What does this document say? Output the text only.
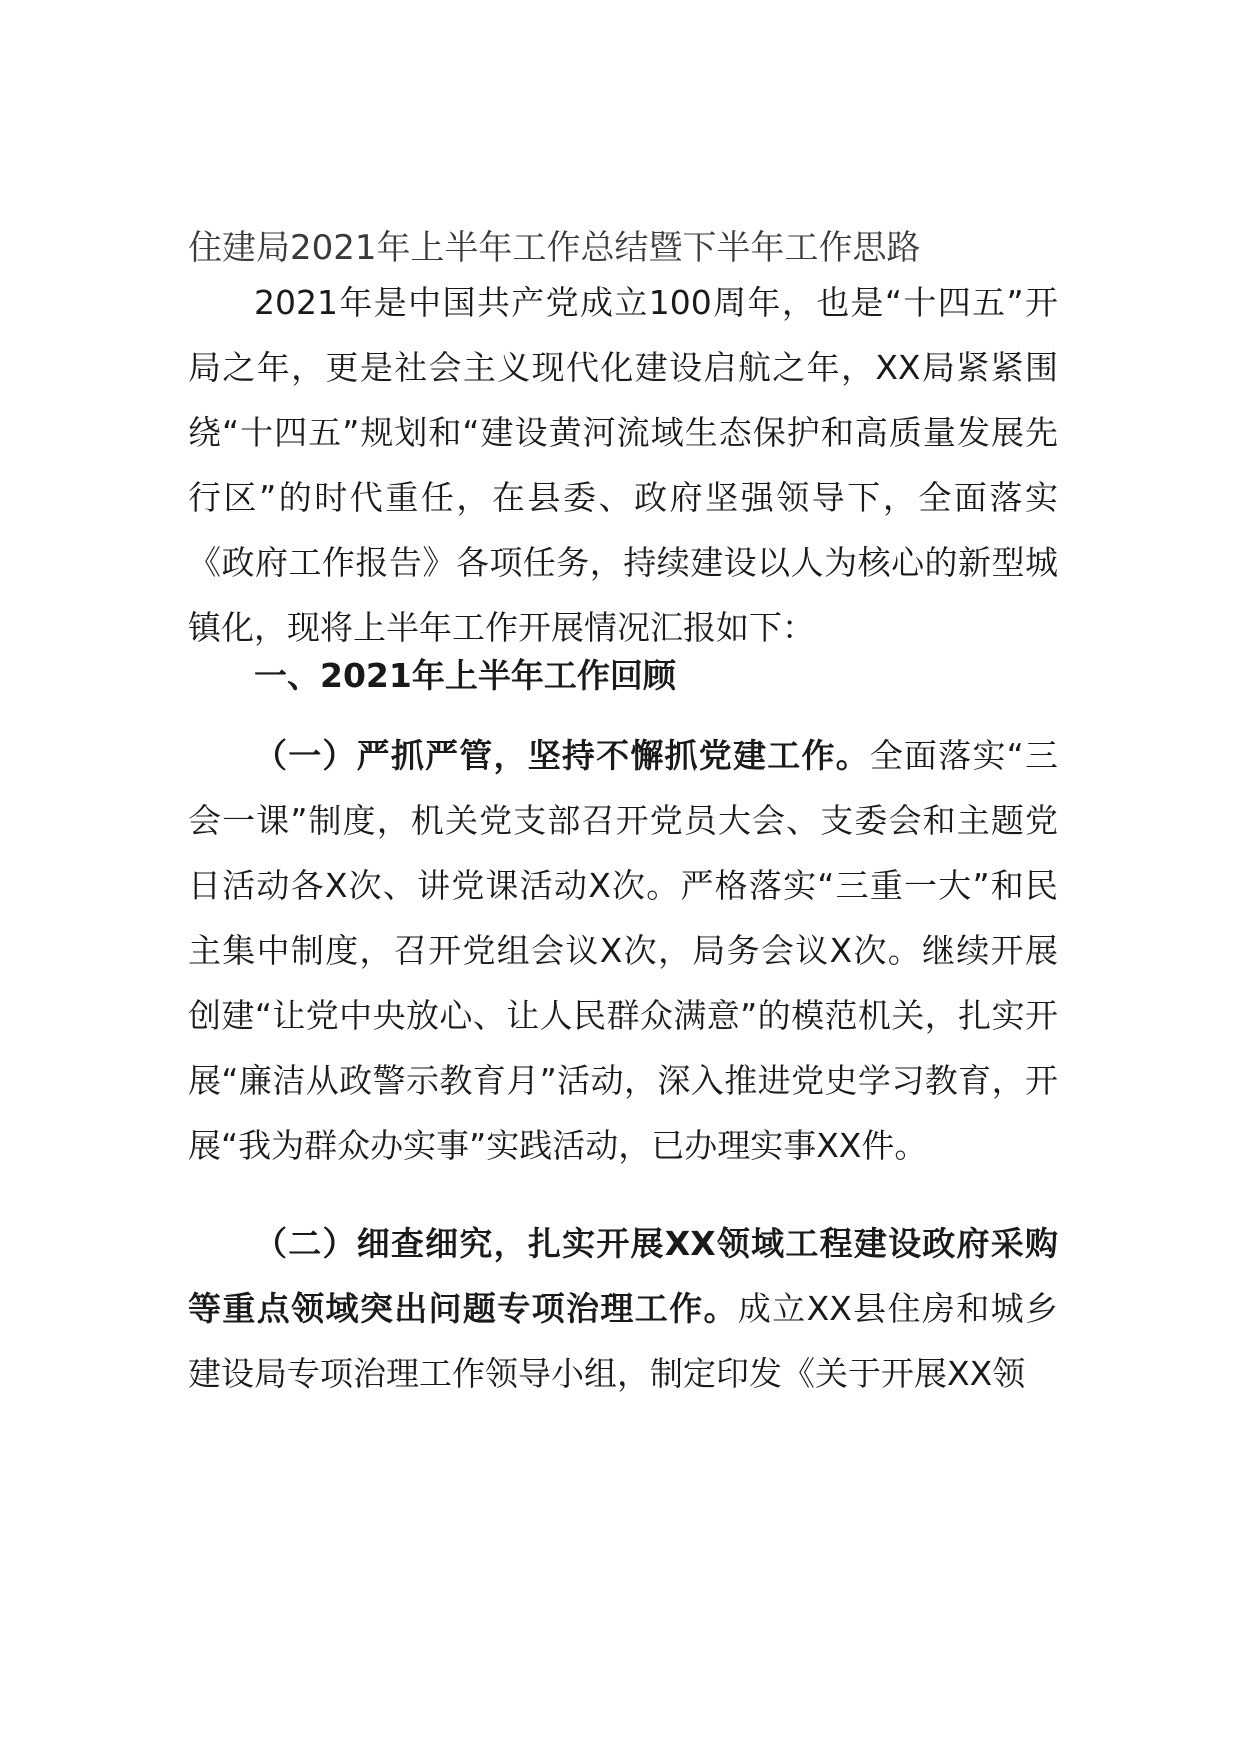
住建局2021年上半年工作总结暨下半年工作思路

2021年是中国共产党成立100周年，也是“十四五”开局之年，更是社会主义现代化建设启航之年，XX局紧紧围绕“十四五”规划和“建设黄河流域生态保护和高质量发展先行区”的时代重任，在县委、政府坚强领导下，全面落实《政府工作报告》各项任务，持续建设以人为核心的新型城镇化，现将上半年工作开展情况汇报如下：

一、2021年上半年工作回顾

（一）严抓严管，坚持不懈抓党建工作。全面落实“三会一课”制度，机关党支部召开党员大会、支委会和主题党日活动各X次、讲党课活动X次。严格落实“三重一大”和民主集中制度，召开党组会议X次，局务会议X次。继续开展创建“让党中央放心、让人民群众满意”的模范机关，扎实开展“廉洁从政警示教育月”活动，深入推进党史学习教育，开展“我为群众办实事”实践活动，已办理实事XX件。

（二）细查细究，扎实开展XX领域工程建设政府采购等重点领域突出问题专项治理工作。成立XX县住房和城乡建设局专项治理工作领导小组，制定印发《关于开展XX领
